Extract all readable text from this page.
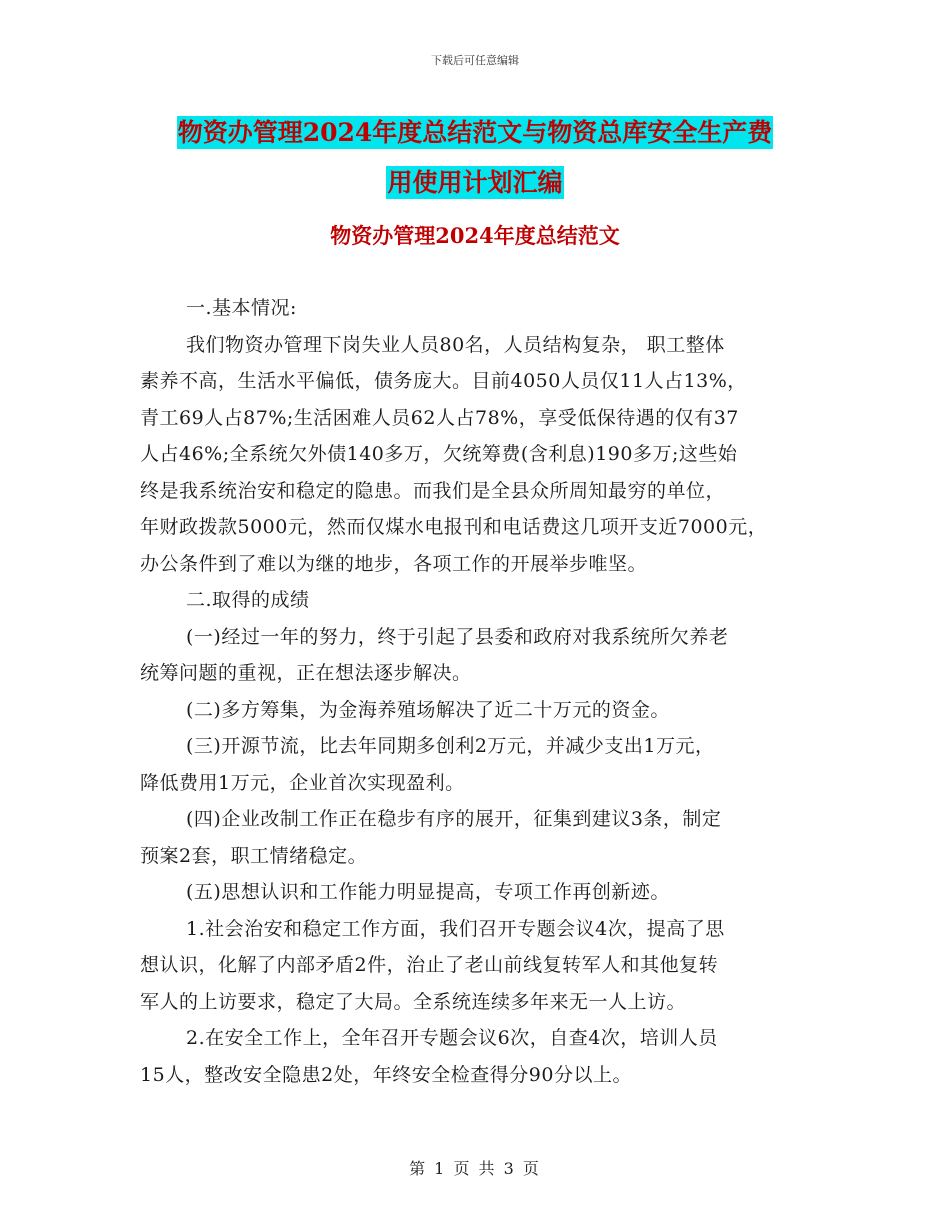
下载后可任意编辑
物资办管理2024年度总结范文与物资总库安全生产费
用使用计划汇编
物资办管理2024年度总结范文

一.基本情况:

我们物资办管理下岗失业人员80名，人员结构复杂， 职工整体

素养不高，生活水平偏低，债务庞大。目前4050人员仅11人占13%，

青工69人占87%;生活困难人员62人占78%，享受低保待遇的仅有37

人占46%;全系统欠外债140多万，欠统筹费(含利息)190多万;这些始

终是我系统治安和稳定的隐患。而我们是全县众所周知最穷的单位，

年财政拨款5000元，然而仅煤水电报刊和电话费这几项开支近7000元，

办公条件到了难以为继的地步，各项工作的开展举步唯坚。

二.取得的成绩

(一)经过一年的努力，终于引起了县委和政府对我系统所欠养老

统筹问题的重视，正在想法逐步解决。

(二)多方筹集，为金海养殖场解决了近二十万元的资金。

(三)开源节流，比去年同期多创利2万元，并减少支出1万元，

降低费用1万元，企业首次实现盈利。

(四)企业改制工作正在稳步有序的展开，征集到建议3条，制定

预案2套，职工情绪稳定。

(五)思想认识和工作能力明显提高，专项工作再创新迹。

1.社会治安和稳定工作方面，我们召开专题会议4次，提高了思

想认识，化解了内部矛盾2件，治止了老山前线复转军人和其他复转

军人的上访要求，稳定了大局。全系统连续多年来无一人上访。

2.在安全工作上，全年召开专题会议6次，自查4次，培训人员

15人，整改安全隐患2处，年终安全检查得分90分以上。

第 1 页 共 3 页
